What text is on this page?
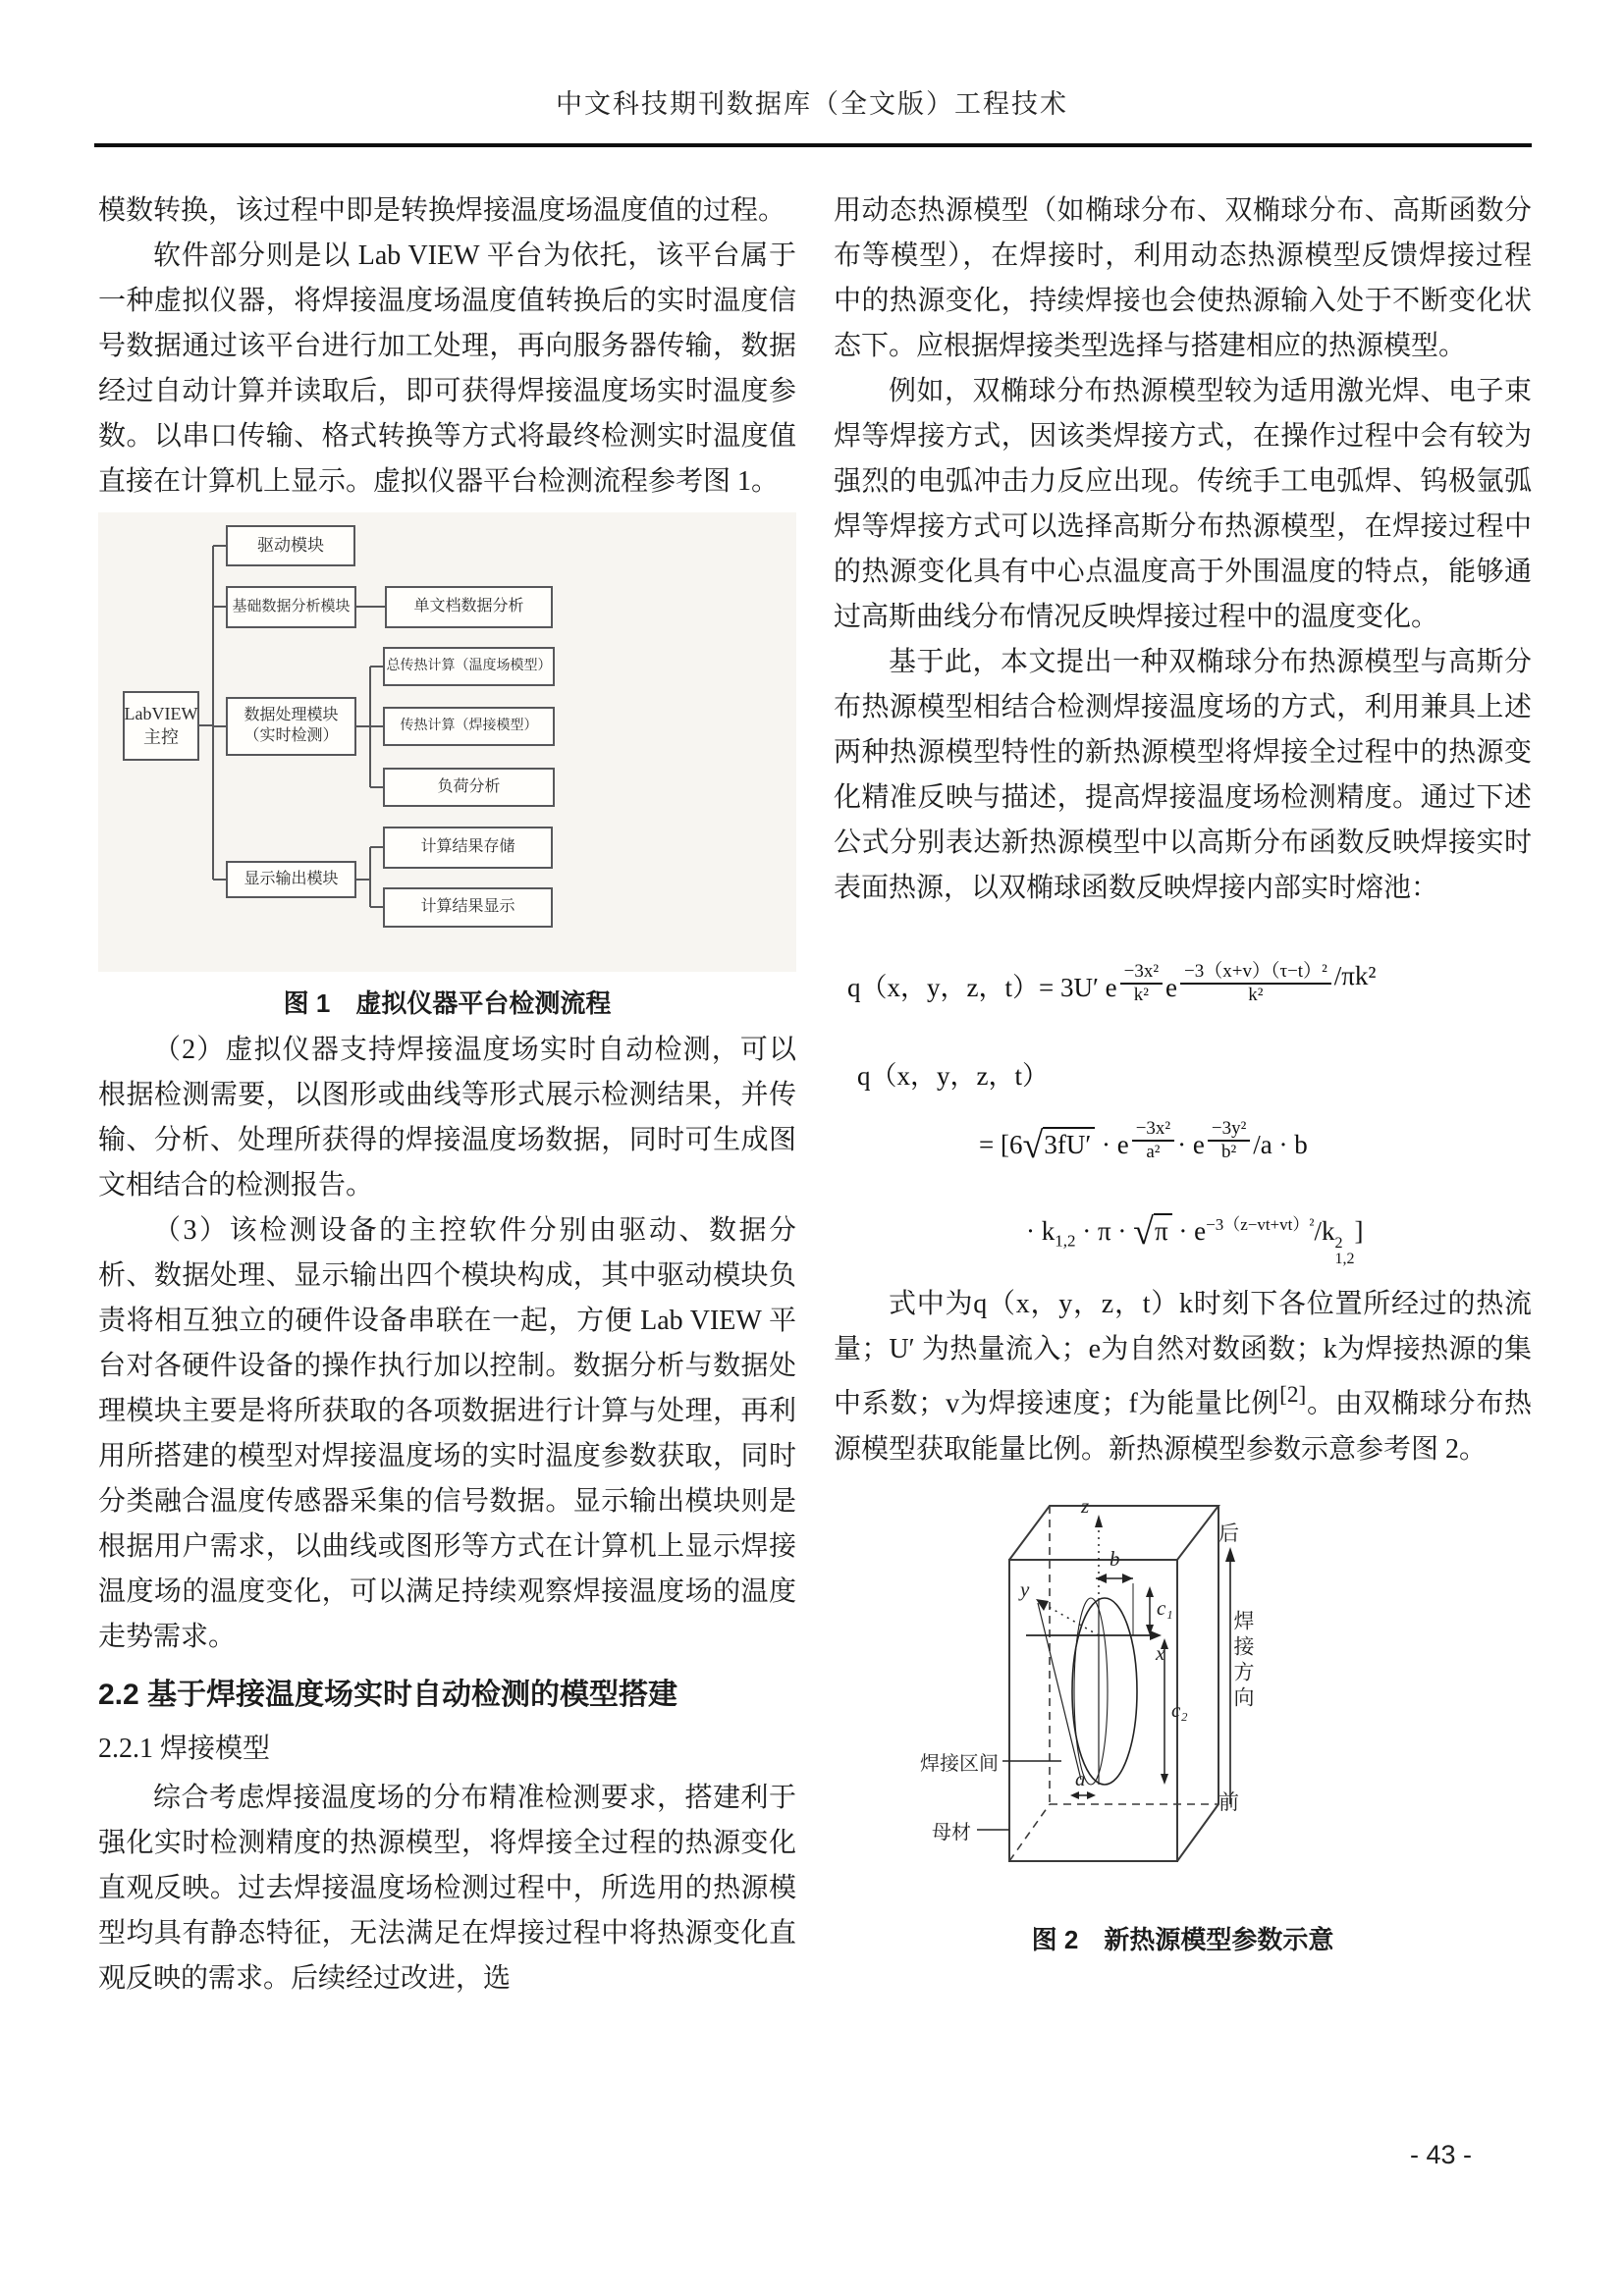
中文科技期刊数据库（全文版）工程技术

模数转换，该过程中即是转换焊接温度场温度值的过程。

软件部分则是以 Lab VIEW 平台为依托，该平台属于一种虚拟仪器，将焊接温度场温度值转换后的实时温度信号数据通过该平台进行加工处理，再向服务器传输，数据经过自动计算并读取后，即可获得焊接温度场实时温度参数。以串口传输、格式转换等方式将最终检测实时温度值直接在计算机上显示。虚拟仪器平台检测流程参考图 1。

LabVIEW
主控
驱动模块
基础数据分析模块	单文档数据分析
总传热计算（温度场模型）
数据处理模块
（实时检测）
传热计算（焊接模型）
负荷分析
显示输出模块
计算结果存储
计算结果显示
图 1　虚拟仪器平台检测流程

（2）虚拟仪器支持焊接温度场实时自动检测，可以根据检测需要，以图形或曲线等形式展示检测结果，并传输、分析、处理所获得的焊接温度场数据，同时可生成图文相结合的检测报告。

（3）该检测设备的主控软件分别由驱动、数据分析、数据处理、显示输出四个模块构成，其中驱动模块负责将相互独立的硬件设备串联在一起，方便 Lab VIEW 平台对各硬件设备的操作执行加以控制。数据分析与数据处理模块主要是将所获取的各项数据进行计算与处理，再利用所搭建的模型对焊接温度场的实时温度参数获取，同时分类融合温度传感器采集的信号数据。显示输出模块则是根据用户需求，以曲线或图形等方式在计算机上显示焊接温度场的温度变化，可以满足持续观察焊接温度场的温度走势需求。

2.2 基于焊接温度场实时自动检测的模型搭建
2.2.1 焊接模型

综合考虑焊接温度场的分布精准检测要求，搭建利于强化实时检测精度的热源模型，将焊接全过程的热源变化直观反映。过去焊接温度场检测过程中，所选用的热源模型均具有静态特征，无法满足在焊接过程中将热源变化直观反映的需求。后续经过改进，选

用动态热源模型（如椭球分布、双椭球分布、高斯函数分布等模型），在焊接时，利用动态热源模型反馈焊接过程中的热源变化，持续焊接也会使热源输入处于不断变化状态下。应根据焊接类型选择与搭建相应的热源模型。

例如，双椭球分布热源模型较为适用激光焊、电子束焊等焊接方式，因该类焊接方式，在操作过程中会有较为强烈的电弧冲击力反应出现。传统手工电弧焊、钨极氩弧焊等焊接方式可以选择高斯分布热源模型，在焊接过程中的热源变化具有中心点温度高于外围温度的特点，能够通过高斯曲线分布情况反映焊接过程中的温度变化。

基于此，本文提出一种双椭球分布热源模型与高斯分布热源模型相结合检测焊接温度场的方式，利用兼具上述两种热源模型特性的新热源模型将焊接全过程中的热源变化精准反映与描述，提高焊接温度场检测精度。通过下述公式分别表达新热源模型中以高斯分布函数反映焊接实时表面热源，以双椭球函数反映焊接内部实时熔池：

q（x，y，z，t）= 3U′ e $\frac{\text{−3x²}}{\text{k²}}$ e $\frac{\text{−3（x+v）（τ−t）²}}{\text{k²}} /\pi k^2$
q（x，y，z，t）
= [6√3fU′ · e $\frac{\text{−3x²}}{\text{a²}} \cdot e \frac{\text{−3y²}}{\text{b²}} /a \cdot b$
· $k_{1,2} \cdot \pi \cdot √\pi \cdot e^{-3(z-vt+vt)^2}/k$ 2
1,2
]

式中为q（x，y，z，t）k时刻下各位置所经过的热流量；U′ 为热量流入；e为自然对数函数；k为焊接热源的集中系数；v为焊接速度；f为能量比例[2]。由双椭球分布热源模型获取能量比例。新热源模型参数示意参考图 2。

z
y
x
b
c₁
c₂
a
焊接区间
母材
后
焊接方向
前
图 2　新热源模型参数示意
- 43 -
